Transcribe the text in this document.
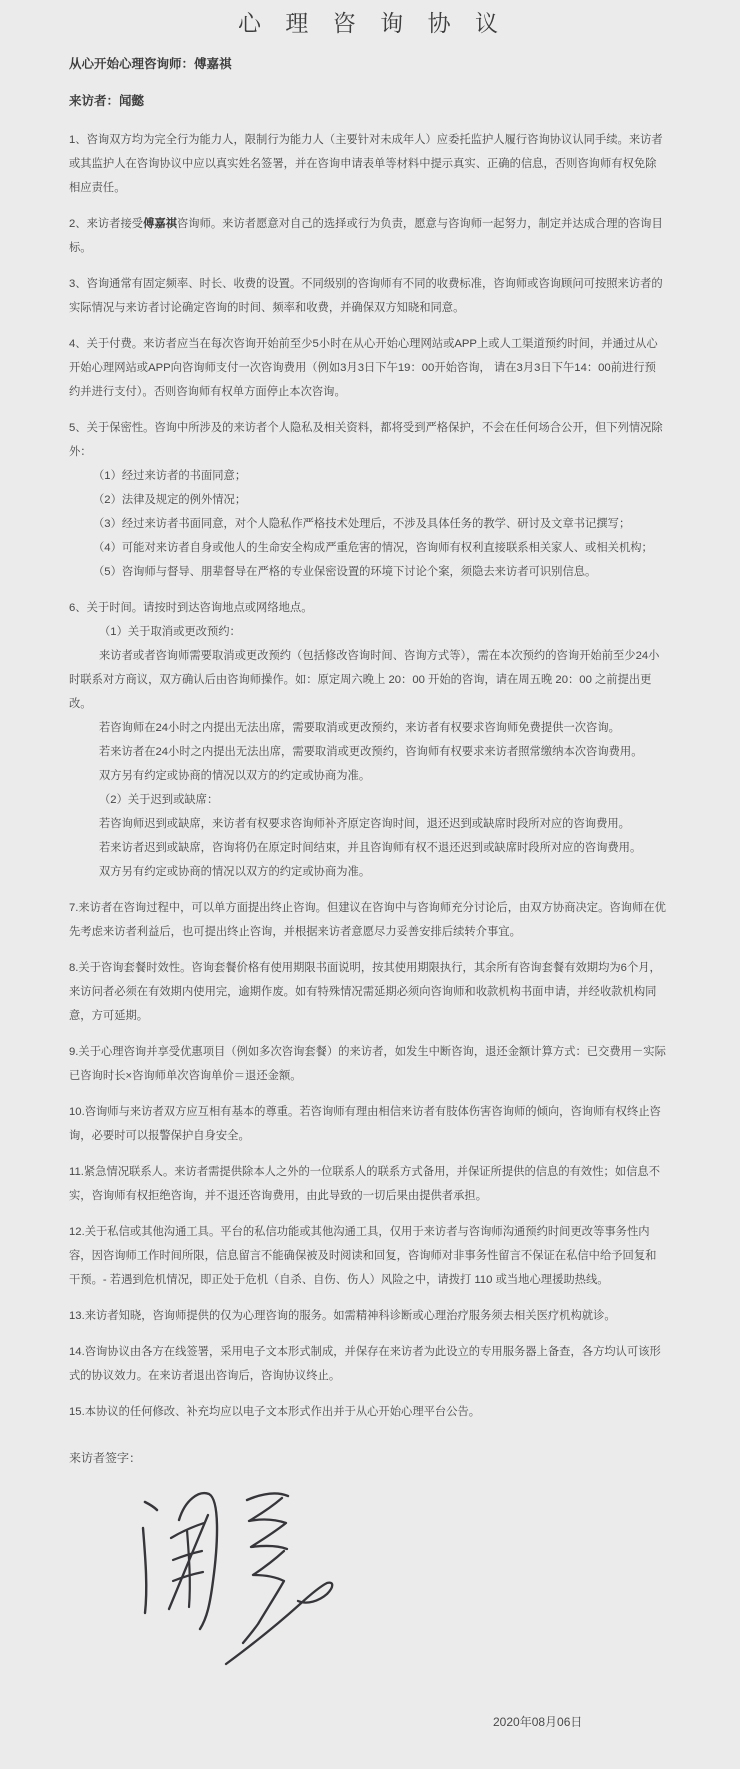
心 理 咨 询 协 议
从心开始心理咨询师：傅嘉祺
来访者：闻懿

1、咨询双方均为完全行为能力人，限制行为能力人（主要针对未成年人）应委托监护人履行咨询协议认同手续。来访者或其监护人在咨询协议中应以真实姓名签署，并在咨询申请表单等材料中提示真实、正确的信息，否则咨询师有权免除相应责任。

2、来访者接受傅嘉祺咨询师。来访者愿意对自己的选择或行为负责，愿意与咨询师一起努力，制定并达成合理的咨询目标。

3、咨询通常有固定频率、时长、收费的设置。不同级别的咨询师有不同的收费标准，咨询师或咨询顾问可按照来访者的实际情况与来访者讨论确定咨询的时间、频率和收费，并确保双方知晓和同意。

4、关于付费。来访者应当在每次咨询开始前至少5小时在从心开始心理网站或APP上或人工渠道预约时间，并通过从心开始心理网站或APP向咨询师支付一次咨询费用（例如3月3日下午19：00开始咨询， 请在3月3日下午14：00前进行预约并进行支付）。否则咨询师有权单方面停止本次咨询。

5、关于保密性。咨询中所涉及的来访者个人隐私及相关资料，都将受到严格保护，不会在任何场合公开，但下列情况除外：

（1）经过来访者的书面同意；

（2）法律及规定的例外情况；

（3）经过来访者书面同意，对个人隐私作严格技术处理后，不涉及具体任务的教学、研讨及文章书记撰写；

（4）可能对来访者自身或他人的生命安全构成严重危害的情况，咨询师有权利直接联系相关家人、或相关机构；

（5）咨询师与督导、朋辈督导在严格的专业保密设置的环境下讨论个案，须隐去来访者可识别信息。

6、关于时间。请按时到达咨询地点或网络地点。

（1）关于取消或更改预约：

来访者或者咨询师需要取消或更改预约（包括修改咨询时间、咨询方式等），需在本次预约的咨询开始前至少24小时联系对方商议，双方确认后由咨询师操作。如：原定周六晚上 20：00 开始的咨询，请在周五晚 20：00 之前提出更改。

若咨询师在24小时之内提出无法出席，需要取消或更改预约，来访者有权要求咨询师免费提供一次咨询。

若来访者在24小时之内提出无法出席，需要取消或更改预约，咨询师有权要求来访者照常缴纳本次咨询费用。

双方另有约定或协商的情况以双方的约定或协商为准。

（2）关于迟到或缺席：

若咨询师迟到或缺席，来访者有权要求咨询师补齐原定咨询时间，退还迟到或缺席时段所对应的咨询费用。

若来访者迟到或缺席，咨询将仍在原定时间结束，并且咨询师有权不退还迟到或缺席时段所对应的咨询费用。

双方另有约定或协商的情况以双方的约定或协商为准。

7.来访者在咨询过程中，可以单方面提出终止咨询。但建议在咨询中与咨询师充分讨论后，由双方协商决定。咨询师在优先考虑来访者利益后，也可提出终止咨询，并根据来访者意愿尽力妥善安排后续转介事宜。

8.关于咨询套餐时效性。咨询套餐价格有使用期限书面说明，按其使用期限执行，其余所有咨询套餐有效期均为6个月，来访问者必须在有效期内使用完，逾期作废。如有特殊情况需延期必须向咨询师和收款机构书面申请，并经收款机构同意，方可延期。

9.关于心理咨询并享受优惠项目（例如多次咨询套餐）的来访者，如发生中断咨询，退还金额计算方式：已交费用－实际已咨询时长×咨询师单次咨询单价＝退还金额。

10.咨询师与来访者双方应互相有基本的尊重。若咨询师有理由相信来访者有肢体伤害咨询师的倾向，咨询师有权终止咨询，必要时可以报警保护自身安全。

11.紧急情况联系人。来访者需提供除本人之外的一位联系人的联系方式备用，并保证所提供的信息的有效性；如信息不实，咨询师有权拒绝咨询，并不退还咨询费用，由此导致的一切后果由提供者承担。

12.关于私信或其他沟通工具。平台的私信功能或其他沟通工具，仅用于来访者与咨询师沟通预约时间更改等事务性内容，因咨询师工作时间所限，信息留言不能确保被及时阅读和回复，咨询师对非事务性留言不保证在私信中给予回复和干预。- 若遇到危机情况，即正处于危机（自杀、自伤、伤人）风险之中，请拨打 110 或当地心理援助热线。

13.来访者知晓，咨询师提供的仅为心理咨询的服务。如需精神科诊断或心理治疗服务须去相关医疗机构就诊。

14.咨询协议由各方在线签署，采用电子文本形式制成，并保存在来访者为此设立的专用服务器上备查，各方均认可该形式的协议效力。在来访者退出咨询后，咨询协议终止。

15.本协议的任何修改、补充均应以电子文本形式作出并于从心开始心理平台公告。

来访者签字：
2020年08月06日
